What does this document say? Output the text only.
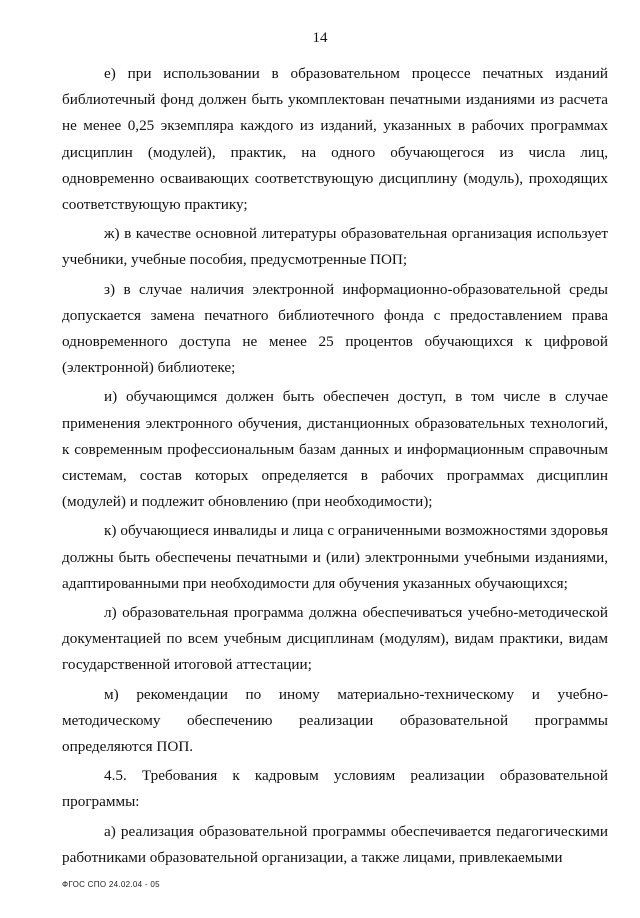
14

е) при использовании в образовательном процессе печатных изданий библиотечный фонд должен быть укомплектован печатными изданиями из расчета не менее 0,25 экземпляра каждого из изданий, указанных в рабочих программах дисциплин (модулей), практик, на одного обучающегося из числа лиц, одновременно осваивающих соответствующую дисциплину (модуль), проходящих соответствующую практику;

ж) в качестве основной литературы образовательная организация использует учебники, учебные пособия, предусмотренные ПОП;

з) в случае наличия электронной информационно-образовательной среды допускается замена печатного библиотечного фонда с предоставлением права одновременного доступа не менее 25 процентов обучающихся к цифровой (электронной) библиотеке;

и) обучающимся должен быть обеспечен доступ, в том числе в случае применения электронного обучения, дистанционных образовательных технологий, к современным профессиональным базам данных и информационным справочным системам, состав которых определяется в рабочих программах дисциплин (модулей) и подлежит обновлению (при необходимости);

к) обучающиеся инвалиды и лица с ограниченными возможностями здоровья должны быть обеспечены печатными и (или) электронными учебными изданиями, адаптированными при необходимости для обучения указанных обучающихся;

л) образовательная программа должна обеспечиваться учебно-методической документацией по всем учебным дисциплинам (модулям), видам практики, видам государственной итоговой аттестации;

м) рекомендации по иному материально-техническому и учебно-методическому обеспечению реализации образовательной программы определяются ПОП.

4.5. Требования к кадровым условиям реализации образовательной программы:

а) реализация образовательной программы обеспечивается педагогическими работниками образовательной организации, а также лицами, привлекаемыми

ФГОС СПО 24.02.04 - 05
